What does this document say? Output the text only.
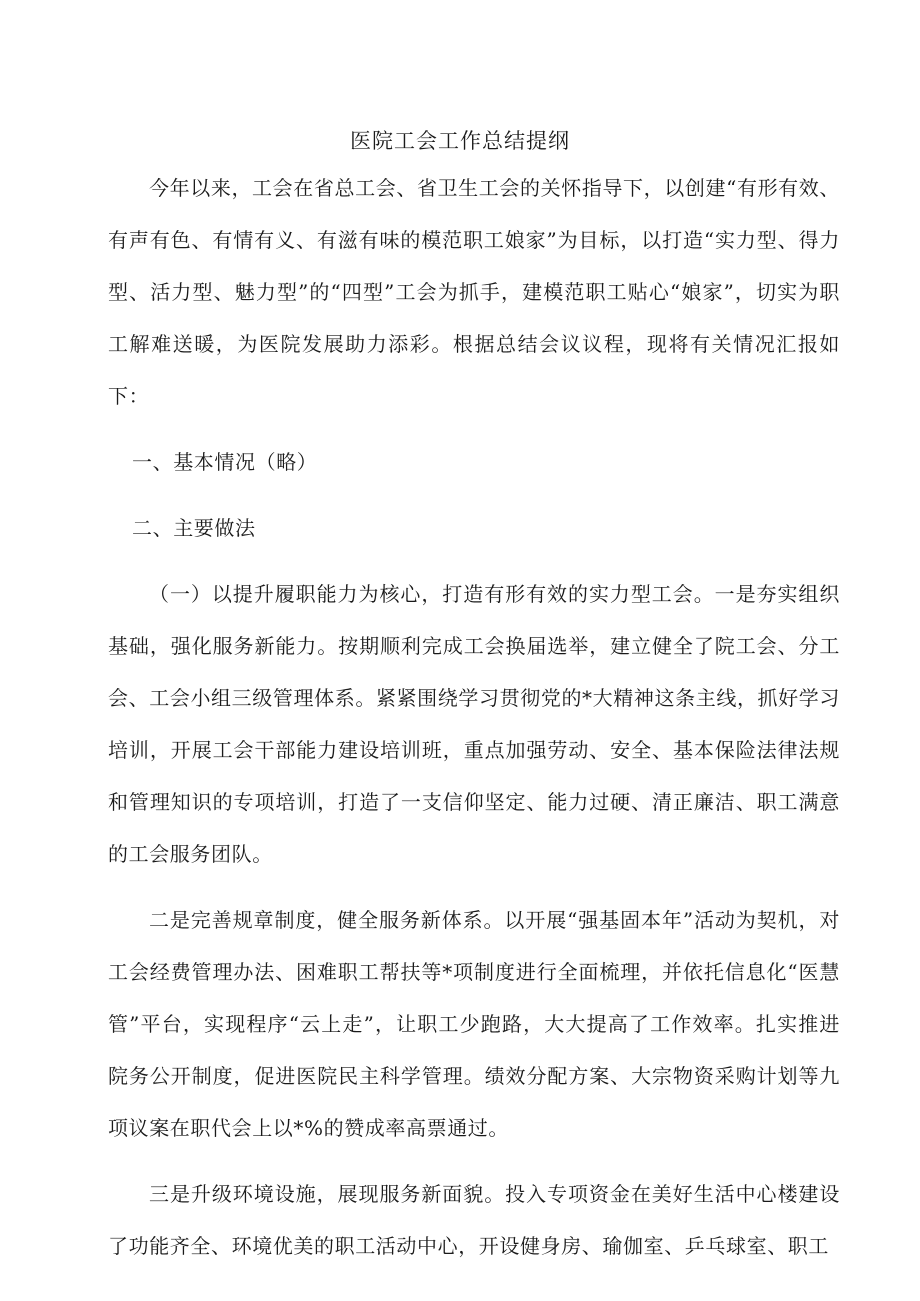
医院工会工作总结提纲

今年以来，工会在省总工会、省卫生工会的关怀指导下，以创建“有形有效、有声有色、有情有义、有滋有味的模范职工娘家”为目标，以打造“实力型、得力型、活力型、魅力型”的“四型”工会为抓手，建模范职工贴心“娘家”，切实为职工解难送暖，为医院发展助力添彩。根据总结会议议程，现将有关情况汇报如下：

一、基本情况（略）

二、主要做法

（一）以提升履职能力为核心，打造有形有效的实力型工会。一是夯实组织基础，强化服务新能力。按期顺利完成工会换届选举，建立健全了院工会、分工会、工会小组三级管理体系。紧紧围绕学习贯彻党的*大精神这条主线，抓好学习培训，开展工会干部能力建设培训班，重点加强劳动、安全、基本保险法律法规和管理知识的专项培训，打造了一支信仰坚定、能力过硬、清正廉洁、职工满意的工会服务团队。

二是完善规章制度，健全服务新体系。以开展“强基固本年”活动为契机，对工会经费管理办法、困难职工帮扶等*项制度进行全面梳理，并依托信息化“医慧管”平台，实现程序“云上走”，让职工少跑路，大大提高了工作效率。扎实推进院务公开制度，促进医院民主科学管理。绩效分配方案、大宗物资采购计划等九项议案在职代会上以*%的赞成率高票通过。

三是升级环境设施，展现服务新面貌。投入专项资金在美好生活中心楼建设了功能齐全、环境优美的职工活动中心，开设健身房、瑜伽室、乒乓球室、职工
